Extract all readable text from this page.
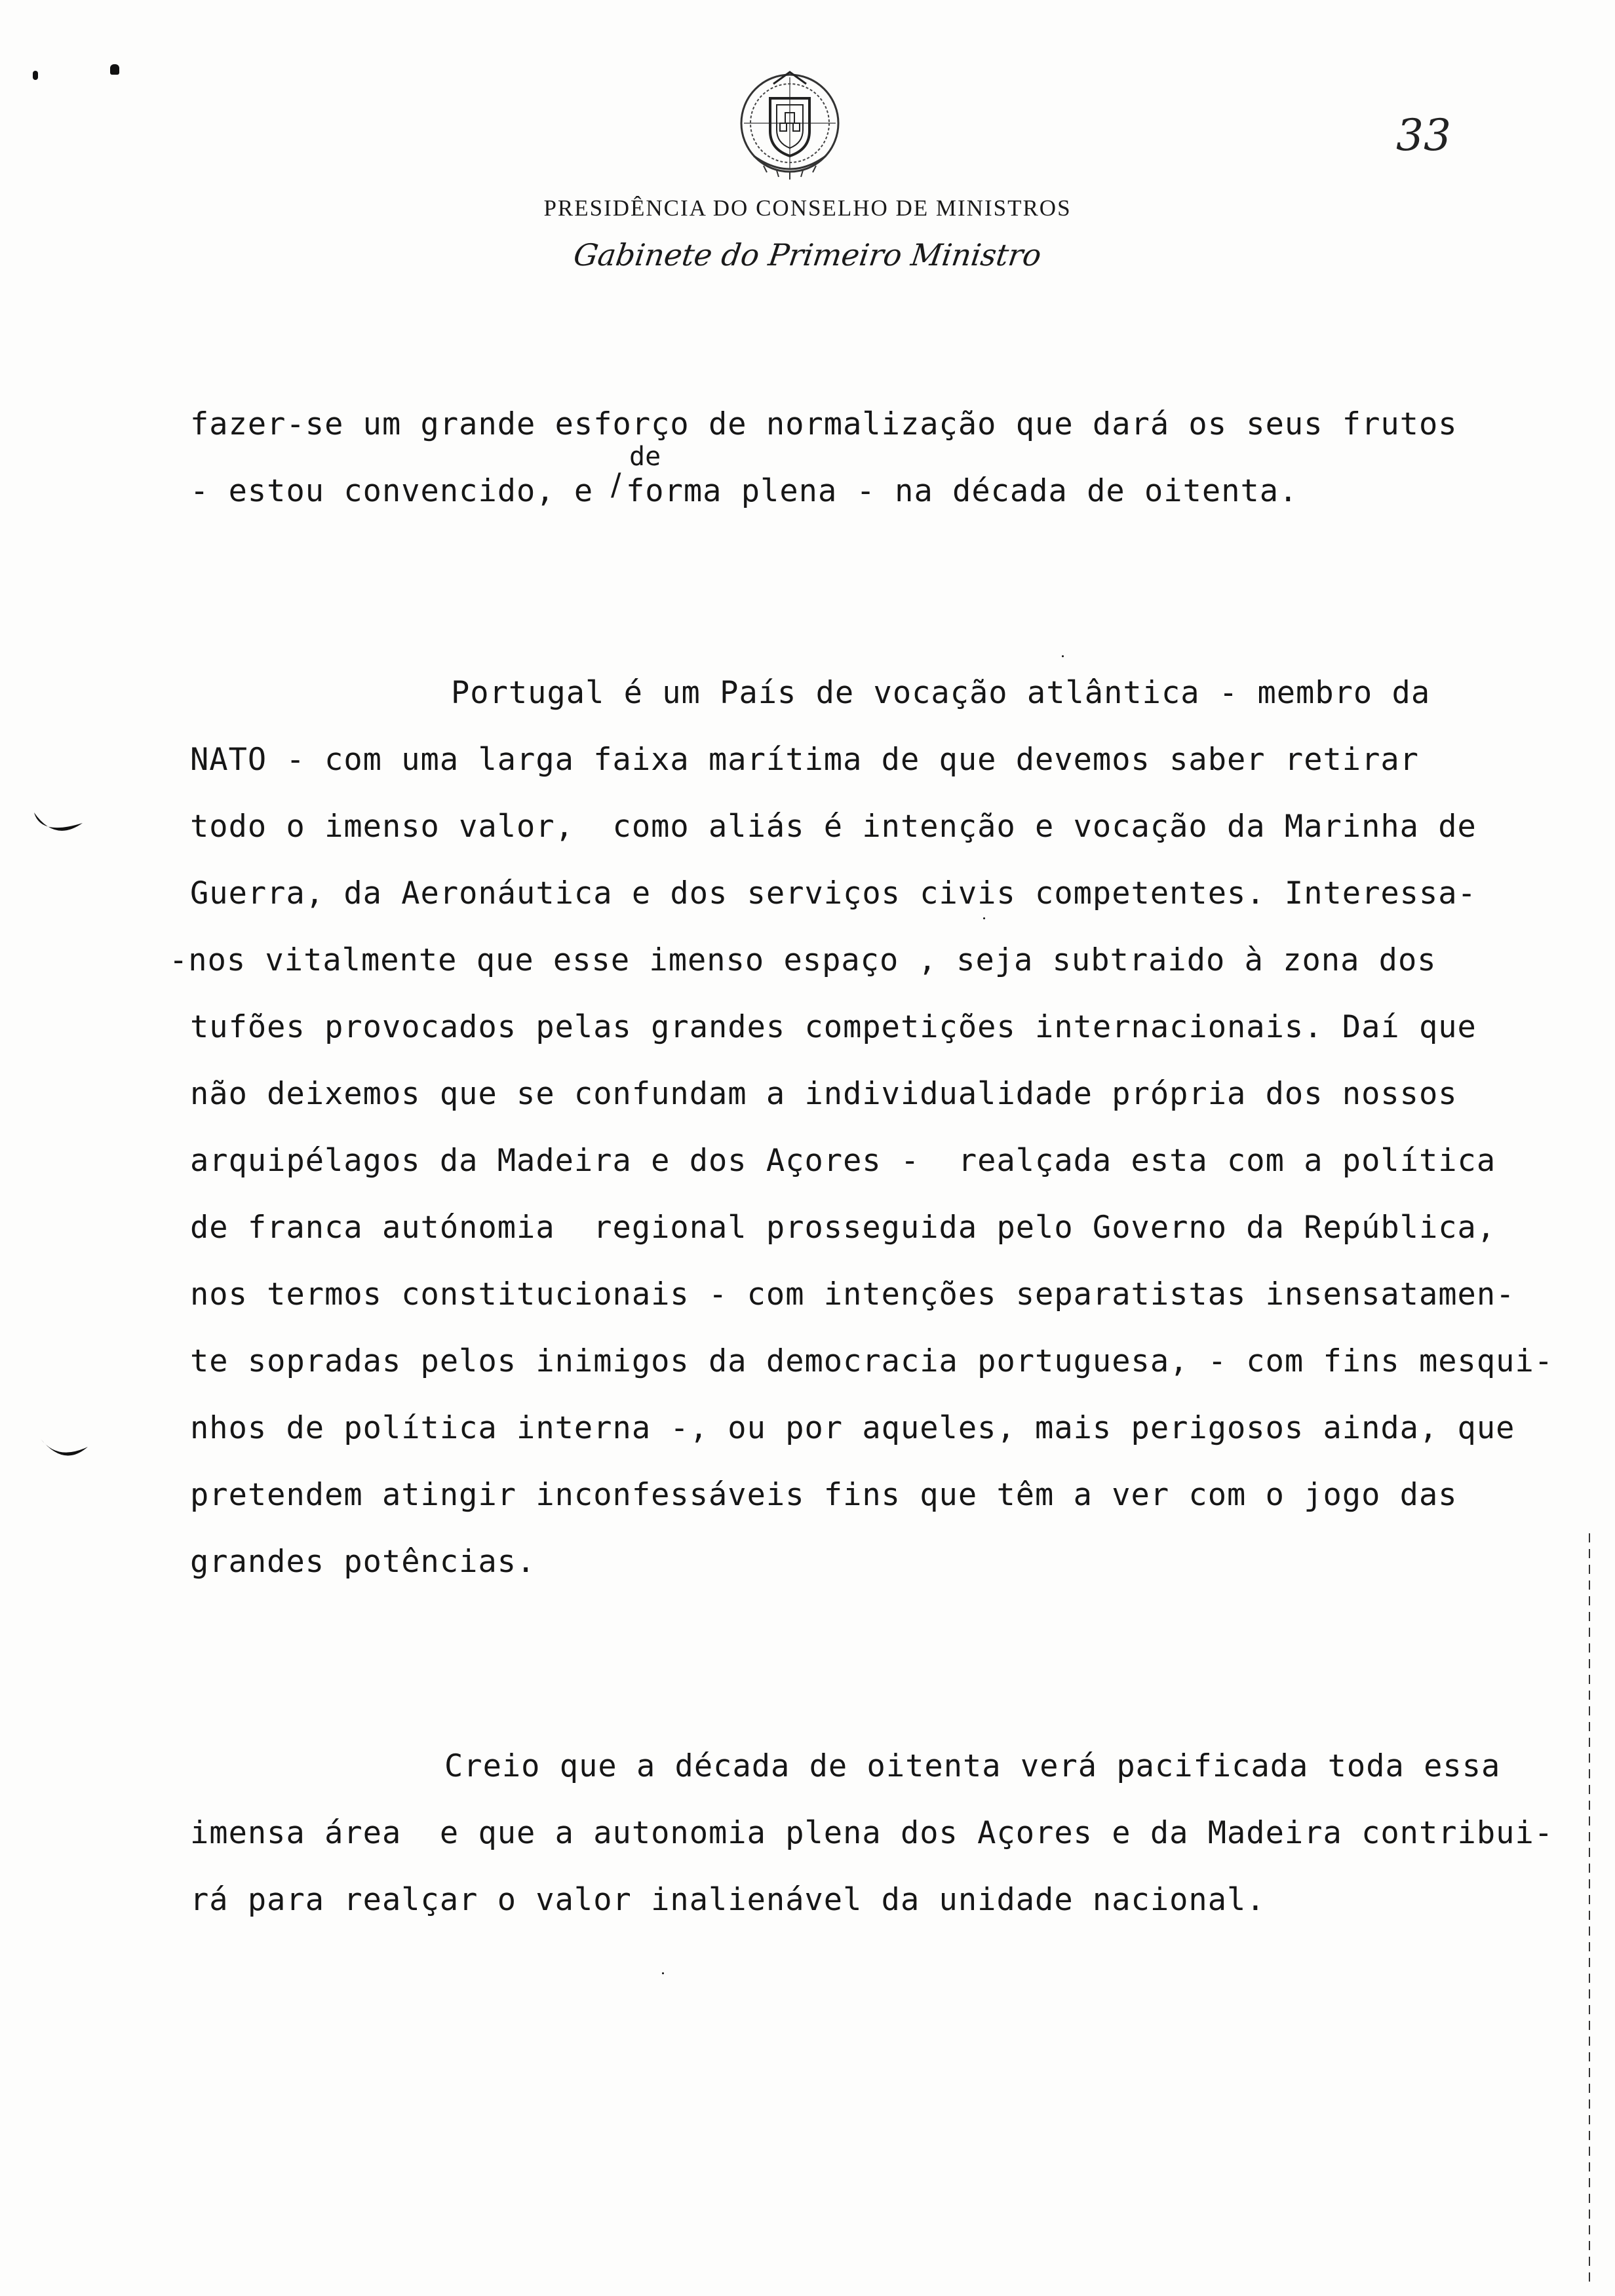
33
PRESIDÊNCIA DO CONSELHO DE MINISTROS
Gabinete do Primeiro Ministro
fazer-se um grande esforço de normalização que dará os seus frutos
de
/
- estou convencido, e forma plena - na década de oitenta.
Portugal é um País de vocação atlântica - membro da
NATO - com uma larga faixa marítima de que devemos saber retirar
todo o imenso valor,  como aliás é intenção e vocação da Marinha de
Guerra, da Aeronáutica e dos serviços civis competentes. Interessa-
-nos vitalmente que esse imenso espaço , seja subtraido à zona dos
tufões provocados pelas grandes competições internacionais. Daí que
não deixemos que se confundam a individualidade própria dos nossos
arquipélagos da Madeira e dos Açores -  realçada esta com a política
de franca autónomia  regional prosseguida pelo Governo da República,
nos termos constitucionais - com intenções separatistas insensatamen-
te sopradas pelos inimigos da democracia portuguesa, - com fins mesqui-
nhos de política interna -, ou por aqueles, mais perigosos ainda, que
pretendem atingir inconfessáveis fins que têm a ver com o jogo das
grandes potências.
Creio que a década de oitenta verá pacificada toda essa
imensa área  e que a autonomia plena dos Açores e da Madeira contribui-
rá para realçar o valor inalienável da unidade nacional.
